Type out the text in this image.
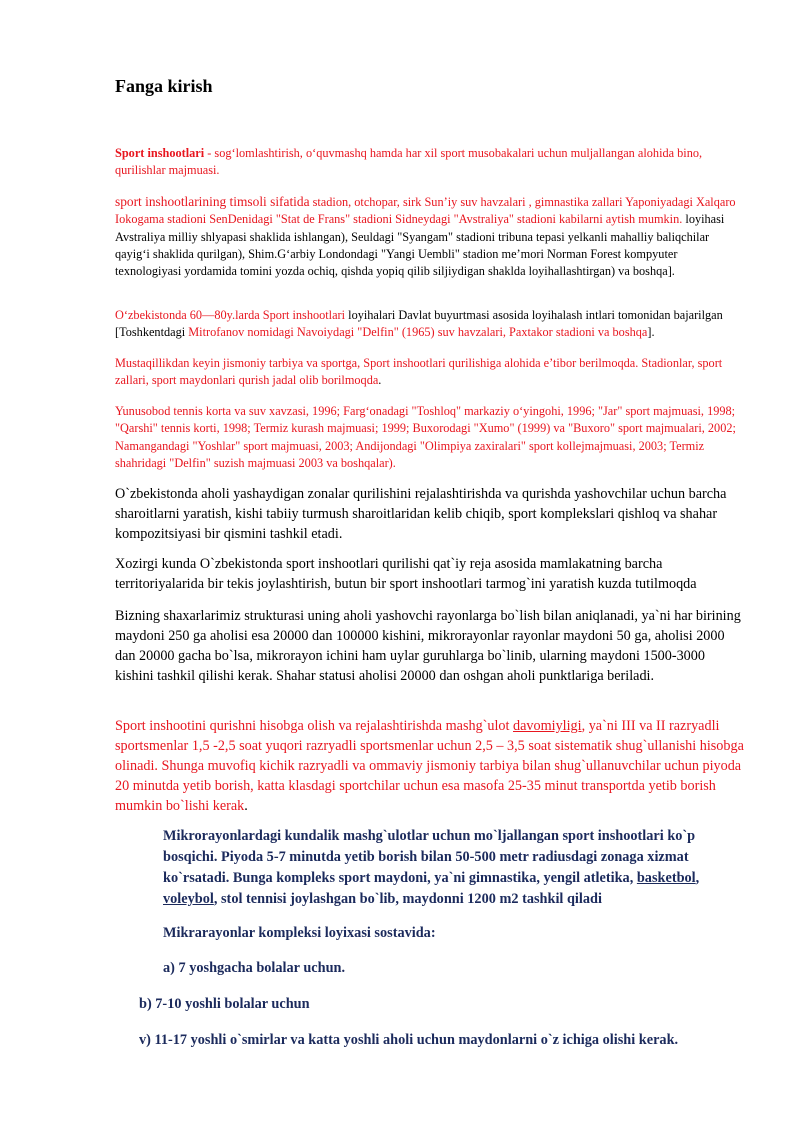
Fanga kirish

Sport inshootlari - sogʻlomlashtirish, oʻquvmashq hamda har xil sport musobakalari uchun muljallangan alohida bino, qurilishlar majmuasi.

sport inshootlarining timsoli sifatida stadion, otchopar, sirk Sun’iy suv havzalari , gimnastika zallari Yaponiyadagi Xalqaro Iokogama stadioni SenDenidagi "Stat de Frans" stadioni Sidneydagi "Avstraliya" stadioni kabilarni aytish mumkin. loyihasi Avstraliya milliy shlyapasi shaklida ishlangan), Seuldagi "Syangam" stadioni tribuna tepasi yelkanli mahalliy baliqchilar qayigʻi shaklida qurilgan), Shim.Gʻarbiy Londondagi "Yangi Uembli" stadion me’mori Norman Forest kompyuter texnologiyasi yordamida tomini yozda ochiq, qishda yopiq qilib siljiydigan shaklda loyihallashtirgan) va boshqa].

Oʻzbekistonda 60—80y.larda Sport inshootlari loyihalari Davlat buyurtmasi asosida loyihalash intlari tomonidan bajarilgan [Toshkentdagi Mitrofanov nomidagi Navoiydagi "Delfin" (1965) suv havzalari, Paxtakor stadioni va boshqa].

Mustaqillikdan keyin jismoniy tarbiya va sportga, Sport inshootlari qurilishiga alohida e’tibor berilmoqda. Stadionlar, sport zallari, sport maydonlari qurish jadal olib borilmoqda.

Yunusobod tennis korta va suv xavzasi, 1996; Fargʻonadagi "Toshloq" markaziy oʻyingohi, 1996; "Jar" sport majmuasi, 1998; "Qarshi" tennis korti, 1998; Termiz kurash majmuasi; 1999; Buxorodagi "Xumo" (1999) va "Buxoro" sport majmualari, 2002; Namangandagi "Yoshlar" sport majmuasi, 2003; Andijondagi "Olimpiya zaxiralari" sport kollejmajmuasi, 2003; Termiz shahridagi "Delfin" suzish majmuasi 2003 va boshqalar).

O`zbekistonda aholi yashaydigan zonalar qurilishini rejalashtirishda va qurishda yashovchilar uchun barcha sharoitlarni yaratish, kishi tabiiy turmush sharoitlaridan kelib chiqib, sport komplekslari qishloq va shahar kompozitsiyasi bir qismini tashkil etadi.

Xozirgi kunda O`zbekistonda sport inshootlari qurilishi qat`iy reja asosida mamlakatning barcha territoriyalarida bir tekis joylashtirish, butun bir sport inshootlari tarmog`ini yaratish kuzda tutilmoqda

Bizning shaxarlarimiz strukturasi uning aholi yashovchi rayonlarga bo`lish bilan aniqlanadi, ya`ni har birining maydoni 250 ga aholisi esa 20000 dan 100000 kishini, mikrorayonlar rayonlar maydoni 50 ga, aholisi 2000 dan 20000 gacha bo`lsa, mikrorayon ichini ham uylar guruhlarga bo`linib, ularning maydoni 1500-3000 kishini tashkil qilishi kerak. Shahar statusi aholisi 20000 dan oshgan aholi punktlariga beriladi.

Sport inshootini qurishni hisobga olish va rejalashtirishda mashg`ulot davomiyligi, ya`ni III va II razryadli sportsmenlar 1,5 -2,5 soat yuqori razryadli sportsmenlar uchun 2,5 – 3,5 soat sistematik shug`ullanishi hisobga olinadi. Shunga muvofiq kichik razryadli va ommaviy jismoniy tarbiya bilan shug`ullanuvchilar uchun piyoda 20 minutda yetib borish, katta klasdagi sportchilar uchun esa masofa 25-35 minut transportda yetib borish mumkin bo`lishi kerak.

Mikrorayonlardagi kundalik mashg`ulotlar uchun mo`ljallangan sport inshootlari ko`p bosqichi. Piyoda 5-7 minutda yetib borish bilan 50-500 metr radiusdagi zonaga xizmat ko`rsatadi. Bunga kompleks sport maydoni, ya`ni gimnastika, yengil atletika, basketbol, voleybol, stol tennisi joylashgan bo`lib, maydonni 1200 m2 tashkil qiladi

Mikrarayonlar kompleksi loyixasi sostavida:

a) 7 yoshgacha bolalar uchun.

b) 7-10 yoshli bolalar uchun

v) 11-17 yoshli o`smirlar va katta yoshli aholi uchun maydonlarni o`z ichiga olishi kerak.
